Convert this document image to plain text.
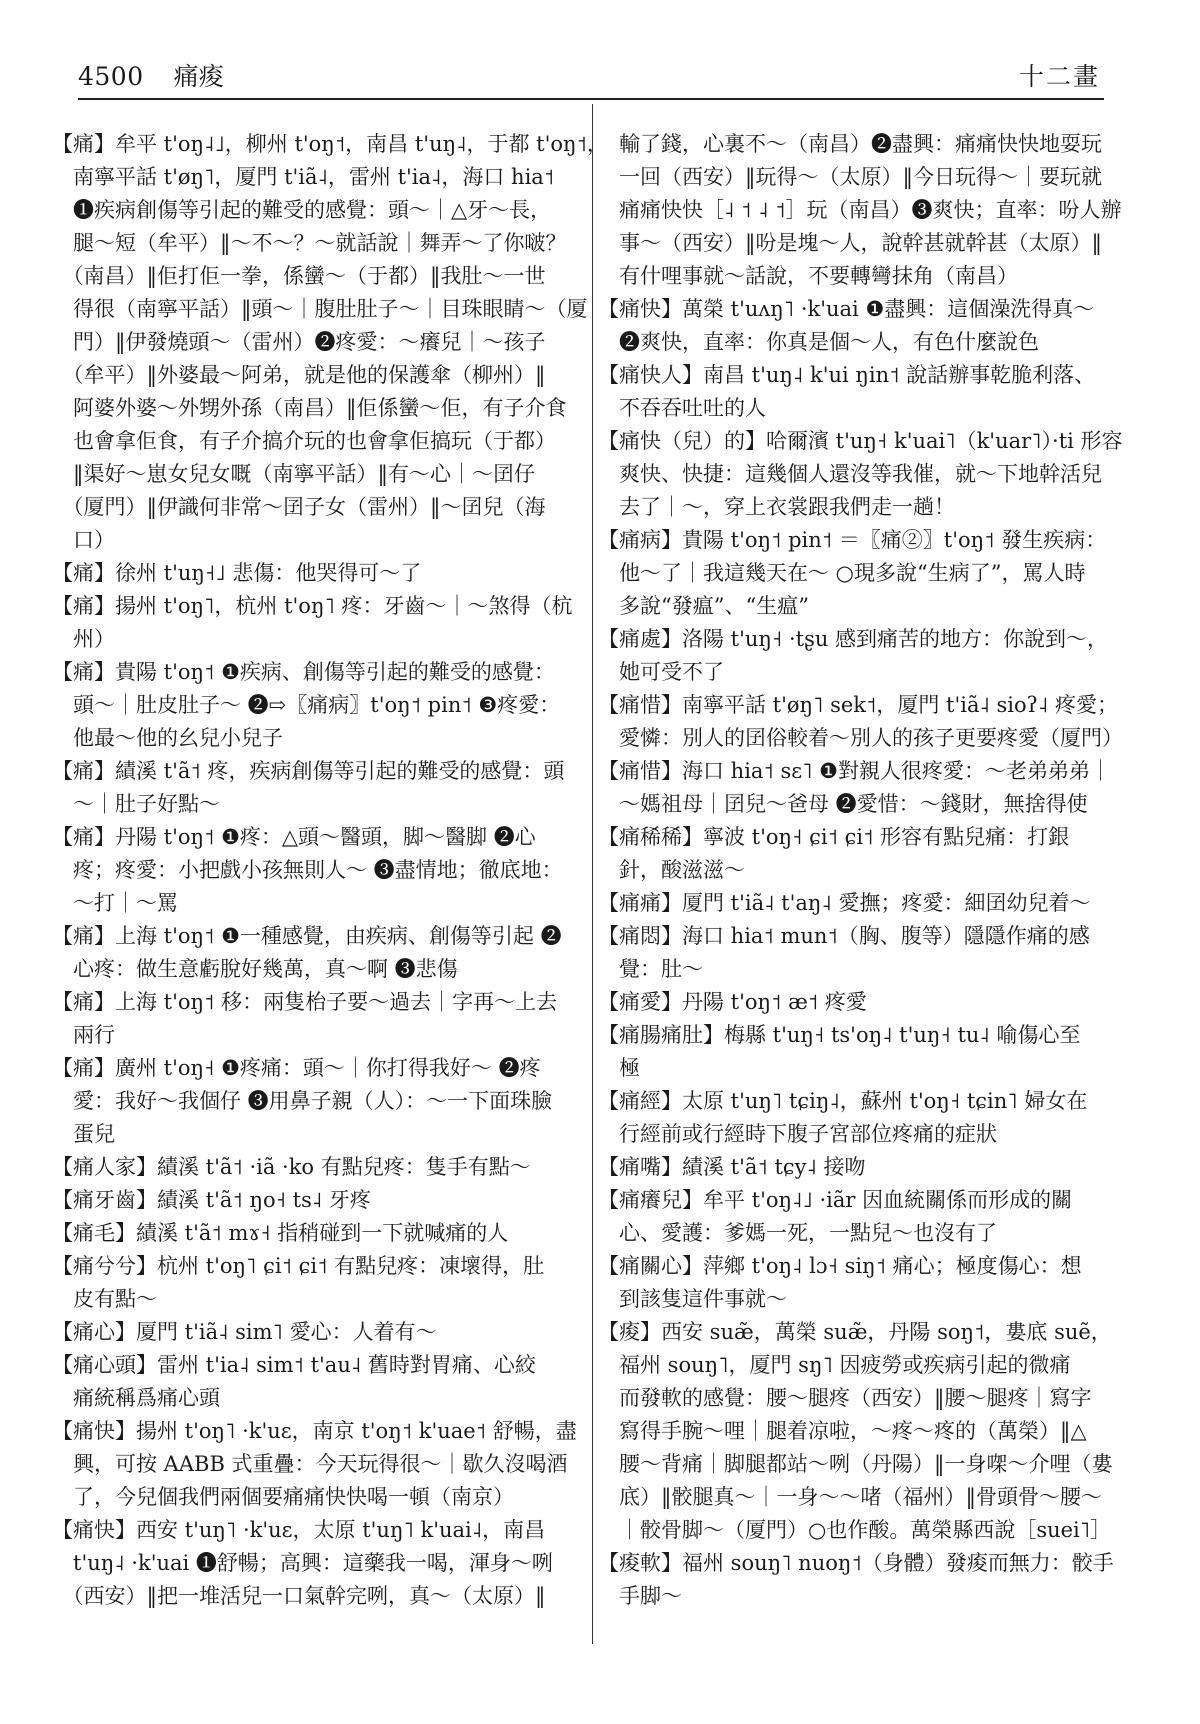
4500 痛痠	十二畫
【痛】牟平 t'oŋ˨˩，柳州 t'oŋ˦，南昌 t'uŋ˨，于都 t'oŋ˦，
　南寧平話 t'øŋ˥，厦門 t'iã˨，雷州 t'ia˨，海口 hia˦
　❶疾病創傷等引起的難受的感覺：頭～｜△牙～長，
　腿～短（牟平）‖～不～？～就話說｜舞弄～了你啵？
　（南昌）‖佢打佢一拳，係蠻～（于都）‖我肚～一世
　得很（南寧平話）‖頭～｜腹肚肚子～｜目珠眼睛～（厦
　門）‖伊發燒頭～（雷州）❷疼愛：～癢兒｜～孩子
　（牟平）‖外婆最～阿弟，就是他的保護傘（柳州）‖
　阿婆外婆～外甥外孫（南昌）‖佢係蠻～佢，有子介食
　也會拿佢食，有子介搞介玩的也會拿佢搞玩（于都）
　‖渠好～崽女兒女嘅（南寧平話）‖有～心｜～囝仔
　（厦門）‖伊識何非常～囝子女（雷州）‖～囝兒（海
　口）
【痛】徐州 t'uŋ˧˩ 悲傷：他哭得可～了
【痛】揚州 t'oŋ˥，杭州 t'oŋ˥ 疼：牙齒～｜～煞得（杭
　州）
【痛】貴陽 t'oŋ˦ ❶疾病、創傷等引起的難受的感覺：
　頭～｜肚皮肚子～ ❷⇨〖痛病〗t'oŋ˦ pin˦ ❸疼愛：
　他最～他的幺兒小兒子
【痛】績溪 t'ã˦ 疼，疾病創傷等引起的難受的感覺：頭
　～｜肚子好點～
【痛】丹陽 t'oŋ˦ ❶疼：△頭～醫頭，脚～醫脚 ❷心
　疼；疼愛：小把戲小孩無則人～ ❸盡情地；徹底地：
　～打｜～罵
【痛】上海 t'oŋ˦ ❶一種感覺，由疾病、創傷等引起 ❷
　心疼：做生意虧脫好幾萬，真～啊 ❸悲傷
【痛】上海 t'oŋ˦ 移：兩隻枱子要～過去｜字再～上去
　兩行
【痛】廣州 t'oŋ˧ ❶疼痛：頭～｜你打得我好～ ❷疼
　愛：我好～我個仔 ❸用鼻子親（人）：～一下面珠臉
　蛋兒
【痛人家】績溪 t'ã˦ ·iã ·ko 有點兒疼：隻手有點～
【痛牙齒】績溪 t'ã˦ ŋo˧ ts˨ 牙疼
【痛毛】績溪 t'ã˦ mɤ˧ 指稍碰到一下就喊痛的人
【痛兮兮】杭州 t'oŋ˥ ɕi˦ ɕi˦ 有點兒疼：凍壞得，肚
　皮有點～
【痛心】厦門 t'iã˨ sim˥ 愛心：人着有～
【痛心頭】雷州 t'ia˨ sim˦ t'au˨ 舊時對胃痛、心絞
　痛統稱爲痛心頭
【痛快】揚州 t'oŋ˥ ·k'uɛ，南京 t'oŋ˦ k'uae˦ 舒暢，盡
　興，可按 AABB 式重疊：今天玩得很～｜歇久沒喝酒
　了，今兒個我們兩個要痛痛快快喝一頓（南京）
【痛快】西安 t'uŋ˥ ·k'uɛ，太原 t'uŋ˥ k'uai˨，南昌
　t'uŋ˨ ·k'uai ❶舒暢；高興：這藥我一喝，渾身～咧
　（西安）‖把一堆活兒一口氣幹完咧，真～（太原）‖
　輸了錢，心裏不～（南昌）❷盡興：痛痛快快地耍玩
　一回（西安）‖玩得～（太原）‖今日玩得～｜要玩就
　痛痛快快［˨ ˦ ˨ ˦］玩（南昌）❸爽快；直率：吩人辦
　事～（西安）‖吩是塊～人，說幹甚就幹甚（太原）‖
　有什哩事就～話說，不要轉彎抹角（南昌）
【痛快】萬榮 t'uʌŋ˥ ·k'uai ❶盡興：這個澡洗得真～
　❷爽快，直率：你真是個～人，有色什麼說色
【痛快人】南昌 t'uŋ˨ k'ui ŋin˦ 說話辦事乾脆利落、
　不吞吞吐吐的人
【痛快（兒）的】哈爾濱 t'uŋ˧ k'uai˥（k'uar˥）·ti 形容
　爽快、快捷：這幾個人還沒等我催，就～下地幹活兒
　去了｜～，穿上衣裳跟我們走一趟！
【痛病】貴陽 t'oŋ˦ pin˦ ＝〖痛②〗t'oŋ˦ 發生疾病：
　他～了｜我這幾天在～ ○現多說“生病了”，罵人時
　多說“發瘟”、“生瘟”
【痛處】洛陽 t'uŋ˧ ·tʂu 感到痛苦的地方：你說到～，
　她可受不了
【痛惜】南寧平話 t'øŋ˥ sek˦，厦門 t'iã˨ sioʔ˨ 疼愛；
　愛憐：別人的囝俗較着～別人的孩子更要疼愛（厦門）
【痛惜】海口 hia˦ sɛ˥ ❶對親人很疼愛：～老弟弟弟｜
　～媽祖母｜囝兒～爸母 ❷愛惜：～錢財，無捨得使
【痛稀稀】寧波 t'oŋ˧ ɕi˦ ɕi˦ 形容有點兒痛：打銀
　針，酸滋滋～
【痛痛】厦門 t'iã˨ t'aŋ˨ 愛撫；疼愛：細囝幼兒着～
【痛悶】海口 hia˦ mun˦（胸、腹等）隱隱作痛的感
　覺：肚～
【痛愛】丹陽 t'oŋ˦ æ˦ 疼愛
【痛腸痛肚】梅縣 t'uŋ˧ ts'oŋ˨ t'uŋ˧ tu˨ 喻傷心至
　極
【痛經】太原 t'uŋ˥ tɕiŋ˨，蘇州 t'oŋ˧ tɕin˥ 婦女在
　行經前或行經時下腹子宮部位疼痛的症狀
【痛嘴】績溪 t'ã˦ tɕy˨ 接吻
【痛癢兒】牟平 t'oŋ˨˩ ·iãr 因血統關係而形成的關
　心、愛護：爹媽一死，一點兒～也沒有了
【痛關心】萍鄉 t'oŋ˨ lɔ˧ siŋ˦ 痛心；極度傷心：想
　到該隻這件事就～
【痠】西安 suæ̃，萬榮 suæ̃，丹陽 soŋ˦，婁底 suẽ，
　福州 souŋ˥，厦門 sŋ˥ 因疲勞或疾病引起的微痛
　而發軟的感覺：腰～腿疼（西安）‖腰～腿疼｜寫字
　寫得手腕～哩｜腿着凉啦，～疼～疼的（萬榮）‖△
　腰～背痛｜脚腿都站～咧（丹陽）‖一身㗎～介哩（婁
　底）‖骹腿真～｜一身～～啫（福州）‖骨頭骨～腰～
　｜骹骨脚～（厦門）○也作酸。萬榮縣西說［suei˥］
【痠軟】福州 souŋ˥ nuoŋ˦（身體）發痠而無力：骹手
　手脚～
